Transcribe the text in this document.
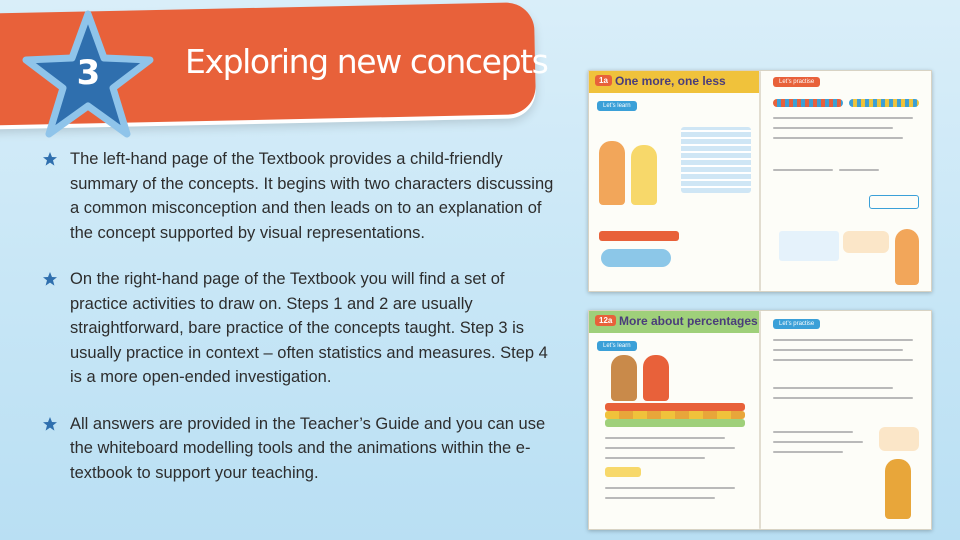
3	Exploring new concepts
The left-hand page of the Textbook provides a child-friendly summary of the concepts. It begins with two characters discussing a common misconception and then leads on to an explanation of the concept supported by visual representations.
On the right-hand page of the Textbook you will find a set of practice activities to draw on. Steps 1 and 2 are usually straightforward, bare practice of the concepts taught. Step 3 is usually practice in context – often statistics and measures. Step 4 is a more open-ended investigation.
All answers are provided in the Teacher’s Guide and you can use the whiteboard modelling tools and the animations within the e-textbook to support your teaching.
1a One more, one less
Let’s learn
Let’s practise
12a More about percentages
Let’s learn
Let’s practise
